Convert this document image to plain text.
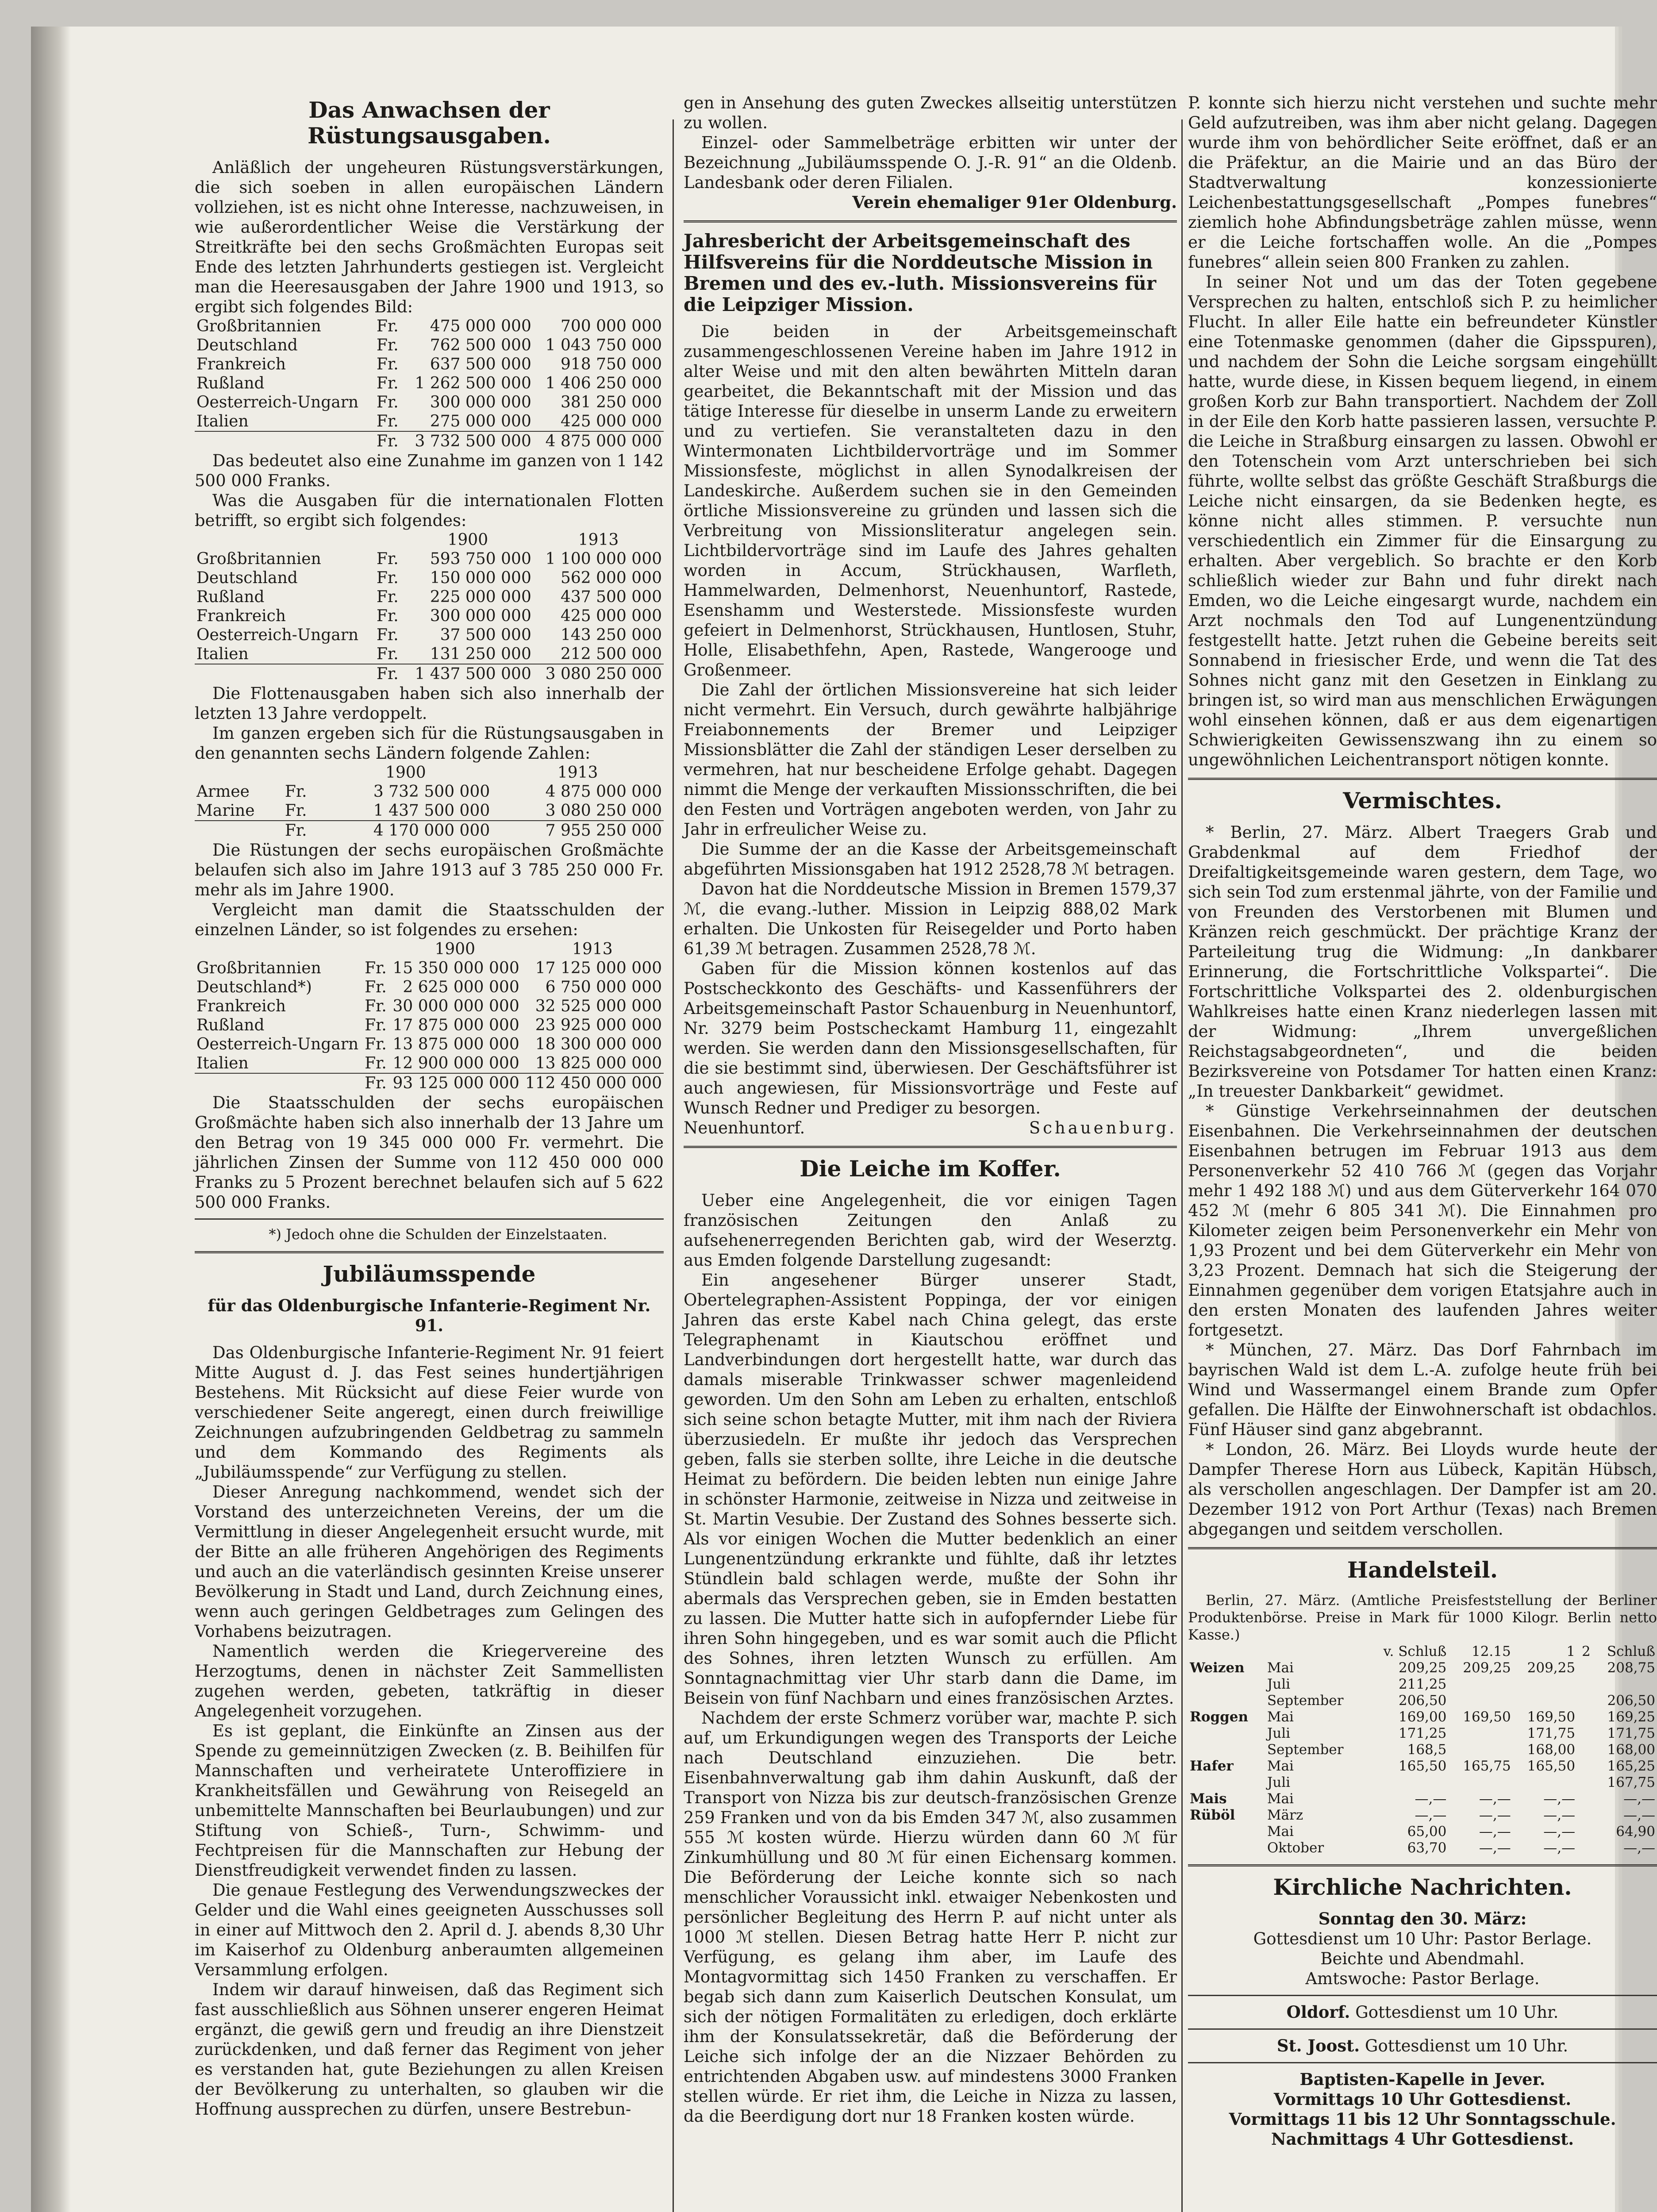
Das Anwachsen der Rüstungsausgaben.

Anläßlich der ungeheuren Rüstungsverstärkungen, die sich soeben in allen europäischen Ländern vollziehen, ist es nicht ohne Interesse, nachzuweisen, in wie außerordentlicher Weise die Verstärkung der Streitkräfte bei den sechs Großmächten Europas seit Ende des letzten Jahrhunderts gestiegen ist. Vergleicht man die Heeresausgaben der Jahre 1900 und 1913, so ergibt sich folgendes Bild:

Großbritannien	Fr.	475 000 000	700 000 000
Deutschland	Fr.	762 500 000	1 043 750 000
Frankreich	Fr.	637 500 000	918 750 000
Rußland	Fr.	1 262 500 000	1 406 250 000
Oesterreich-Ungarn	Fr.	300 000 000	381 250 000
Italien	Fr.	275 000 000	425 000 000
	Fr.	3 732 500 000	4 875 000 000

Das bedeutet also eine Zunahme im ganzen von 1 142 500 000 Franks.

Was die Ausgaben für die internationalen Flotten betrifft, so ergibt sich folgendes:

		1900	1913
Großbritannien	Fr.	593 750 000	1 100 000 000
Deutschland	Fr.	150 000 000	562 000 000
Rußland	Fr.	225 000 000	437 500 000
Frankreich	Fr.	300 000 000	425 000 000
Oesterreich-Ungarn	Fr.	37 500 000	143 250 000
Italien	Fr.	131 250 000	212 500 000
	Fr.	1 437 500 000	3 080 250 000

Die Flottenausgaben haben sich also innerhalb der letzten 13 Jahre verdoppelt.

Im ganzen ergeben sich für die Rüstungsausgaben in den genannten sechs Ländern folgende Zahlen:

		1900	1913
Armee	Fr.	3 732 500 000	4 875 000 000
Marine	Fr.	1 437 500 000	3 080 250 000
	Fr.	4 170 000 000	7 955 250 000

Die Rüstungen der sechs europäischen Großmächte belaufen sich also im Jahre 1913 auf 3 785 250 000 Fr. mehr als im Jahre 1900.

Vergleicht man damit die Staatsschulden der einzelnen Länder, so ist folgendes zu ersehen:

		1900	1913
Großbritannien	Fr.	15 350 000 000	17 125 000 000
Deutschland*)	Fr.	2 625 000 000	6 750 000 000
Frankreich	Fr.	30 000 000 000	32 525 000 000
Rußland	Fr.	17 875 000 000	23 925 000 000
Oesterreich-Ungarn	Fr.	13 875 000 000	18 300 000 000
Italien	Fr.	12 900 000 000	13 825 000 000
	Fr.	93 125 000 000	112 450 000 000

Die Staatsschulden der sechs europäischen Großmächte haben sich also innerhalb der 13 Jahre um den Betrag von 19 345 000 000 Fr. vermehrt. Die jährlichen Zinsen der Summe von 112 450 000 000 Franks zu 5 Prozent berechnet belaufen sich auf 5 622 500 000 Franks.

*) Jedoch ohne die Schulden der Einzelstaaten.

Jubiläumsspende
für das Oldenburgische Infanterie-Regiment Nr. 91.

Das Oldenburgische Infanterie-Regiment Nr. 91 feiert Mitte August d. J. das Fest seines hundertjährigen Bestehens. Mit Rücksicht auf diese Feier wurde von verschiedener Seite angeregt, einen durch freiwillige Zeichnungen aufzubringenden Geldbetrag zu sammeln und dem Kommando des Regiments als „Jubiläumsspende“ zur Verfügung zu stellen.

Dieser Anregung nachkommend, wendet sich der Vorstand des unterzeichneten Vereins, der um die Vermittlung in dieser Angelegenheit ersucht wurde, mit der Bitte an alle früheren Angehörigen des Regiments und auch an die vaterländisch gesinnten Kreise unserer Bevölkerung in Stadt und Land, durch Zeichnung eines, wenn auch geringen Geldbetrages zum Gelingen des Vorhabens beizutragen.

Namentlich werden die Kriegervereine des Herzogtums, denen in nächster Zeit Sammellisten zugehen werden, gebeten, tatkräftig in dieser Angelegenheit vorzugehen.

Es ist geplant, die Einkünfte an Zinsen aus der Spende zu gemeinnützigen Zwecken (z. B. Beihilfen für Mannschaften und verheiratete Unteroffiziere in Krankheitsfällen und Gewährung von Reisegeld an unbemittelte Mannschaften bei Beurlaubungen) und zur Stiftung von Schieß-, Turn-, Schwimm- und Fechtpreisen für die Mannschaften zur Hebung der Dienstfreudigkeit verwendet finden zu lassen.

Die genaue Festlegung des Verwendungszweckes der Gelder und die Wahl eines geeigneten Ausschusses soll in einer auf Mittwoch den 2. April d. J. abends 8,30 Uhr im Kaiserhof zu Oldenburg anberaumten allgemeinen Versammlung erfolgen.

Indem wir darauf hinweisen, daß das Regiment sich fast ausschließlich aus Söhnen unserer engeren Heimat ergänzt, die gewiß gern und freudig an ihre Dienstzeit zurückdenken, und daß ferner das Regiment von jeher es verstanden hat, gute Beziehungen zu allen Kreisen der Bevölkerung zu unterhalten, so glauben wir die Hoffnung aussprechen zu dürfen, unsere Bestrebun-

gen in Ansehung des guten Zweckes allseitig unterstützen zu wollen.

Einzel- oder Sammelbeträge erbitten wir unter der Bezeichnung „Jubiläumsspende O. J.-R. 91“ an die Oldenb. Landesbank oder deren Filialen.

Verein ehemaliger 91er Oldenburg.

Jahresbericht der Arbeitsgemeinschaft des Hilfsvereins für die Norddeutsche Mission in Bremen und des ev.-luth. Missionsvereins für die Leipziger Mission.

Die beiden in der Arbeitsgemeinschaft zusammengeschlossenen Vereine haben im Jahre 1912 in alter Weise und mit den alten bewährten Mitteln daran gearbeitet, die Bekanntschaft mit der Mission und das tätige Interesse für dieselbe in unserm Lande zu erweitern und zu vertiefen. Sie veranstalteten dazu in den Wintermonaten Lichtbildervorträge und im Sommer Missionsfeste, möglichst in allen Synodalkreisen der Landeskirche. Außerdem suchen sie in den Gemeinden örtliche Missionsvereine zu gründen und lassen sich die Verbreitung von Missionsliteratur angelegen sein. Lichtbildervorträge sind im Laufe des Jahres gehalten worden in Accum, Strückhausen, Warfleth, Hammelwarden, Delmenhorst, Neuenhuntorf, Rastede, Esenshamm und Westerstede. Missionsfeste wurden gefeiert in Delmenhorst, Strückhausen, Huntlosen, Stuhr, Holle, Elisabethfehn, Apen, Rastede, Wangerooge und Großenmeer.

Die Zahl der örtlichen Missionsvereine hat sich leider nicht vermehrt. Ein Versuch, durch gewährte halbjährige Freiabonnements der Bremer und Leipziger Missionsblätter die Zahl der ständigen Leser derselben zu vermehren, hat nur bescheidene Erfolge gehabt. Dagegen nimmt die Menge der verkauften Missionsschriften, die bei den Festen und Vorträgen angeboten werden, von Jahr zu Jahr in erfreulicher Weise zu.

Die Summe der an die Kasse der Arbeitsgemeinschaft abgeführten Missionsgaben hat 1912 2528,78 ℳ betragen.

Davon hat die Norddeutsche Mission in Bremen 1579,37 ℳ, die evang.-luther. Mission in Leipzig 888,02 Mark erhalten. Die Unkosten für Reisegelder und Porto haben 61,39 ℳ betragen. Zusammen 2528,78 ℳ.

Gaben für die Mission können kostenlos auf das Postscheckkonto des Geschäfts- und Kassenführers der Arbeitsgemeinschaft Pastor Schauenburg in Neuenhuntorf, Nr. 3279 beim Postscheckamt Hamburg 11, eingezahlt werden. Sie werden dann den Missionsgesellschaften, für die sie bestimmt sind, überwiesen. Der Geschäftsführer ist auch angewiesen, für Missionsvorträge und Feste auf Wunsch Redner und Prediger zu besorgen.

Neuenhuntorf.	Schauenburg.
Die Leiche im Koffer.

Ueber eine Angelegenheit, die vor einigen Tagen französischen Zeitungen den Anlaß zu aufsehenerregenden Berichten gab, wird der Weserztg. aus Emden folgende Darstellung zugesandt:

Ein angesehener Bürger unserer Stadt, Obertelegraphen-Assistent Poppinga, der vor einigen Jahren das erste Kabel nach China gelegt, das erste Telegraphenamt in Kiautschou eröffnet und Landverbindungen dort hergestellt hatte, war durch das damals miserable Trinkwasser schwer magenleidend geworden. Um den Sohn am Leben zu erhalten, entschloß sich seine schon betagte Mutter, mit ihm nach der Riviera überzusiedeln. Er mußte ihr jedoch das Versprechen geben, falls sie sterben sollte, ihre Leiche in die deutsche Heimat zu befördern. Die beiden lebten nun einige Jahre in schönster Harmonie, zeitweise in Nizza und zeitweise in St. Martin Vesubie. Der Zustand des Sohnes besserte sich. Als vor einigen Wochen die Mutter bedenklich an einer Lungenentzündung erkrankte und fühlte, daß ihr letztes Stündlein bald schlagen werde, mußte der Sohn ihr abermals das Versprechen geben, sie in Emden bestatten zu lassen. Die Mutter hatte sich in aufopfernder Liebe für ihren Sohn hingegeben, und es war somit auch die Pflicht des Sohnes, ihren letzten Wunsch zu erfüllen. Am Sonntagnachmittag vier Uhr starb dann die Dame, im Beisein von fünf Nachbarn und eines französischen Arztes.

Nachdem der erste Schmerz vorüber war, machte P. sich auf, um Erkundigungen wegen des Transports der Leiche nach Deutschland einzuziehen. Die betr. Eisenbahnverwaltung gab ihm dahin Auskunft, daß der Transport von Nizza bis zur deutsch-französischen Grenze 259 Franken und von da bis Emden 347 ℳ, also zusammen 555 ℳ kosten würde. Hierzu würden dann 60 ℳ für Zinkumhüllung und 80 ℳ für einen Eichensarg kommen. Die Beförderung der Leiche konnte sich so nach menschlicher Voraussicht inkl. etwaiger Nebenkosten und persönlicher Begleitung des Herrn P. auf nicht unter als 1000 ℳ stellen. Diesen Betrag hatte Herr P. nicht zur Verfügung, es gelang ihm aber, im Laufe des Montagvormittag sich 1450 Franken zu verschaffen. Er begab sich dann zum Kaiserlich Deutschen Konsulat, um sich der nötigen Formalitäten zu erledigen, doch erklärte ihm der Konsulatssekretär, daß die Beförderung der Leiche sich infolge der an die Nizzaer Behörden zu entrichtenden Abgaben usw. auf mindestens 3000 Franken stellen würde. Er riet ihm, die Leiche in Nizza zu lassen, da die Beerdigung dort nur 18 Franken kosten würde.

P. konnte sich hierzu nicht verstehen und suchte mehr Geld aufzutreiben, was ihm aber nicht gelang. Dagegen wurde ihm von behördlicher Seite eröffnet, daß er an die Präfektur, an die Mairie und an das Büro der Stadtverwaltung konzessionierte Leichenbestattungsgesellschaft „Pompes funebres“ ziemlich hohe Abfindungsbeträge zahlen müsse, wenn er die Leiche fortschaffen wolle. An die „Pompes funebres“ allein seien 800 Franken zu zahlen.

In seiner Not und um das der Toten gegebene Versprechen zu halten, entschloß sich P. zu heimlicher Flucht. In aller Eile hatte ein befreundeter Künstler eine Totenmaske genommen (daher die Gipsspuren), und nachdem der Sohn die Leiche sorgsam eingehüllt hatte, wurde diese, in Kissen bequem liegend, in einem großen Korb zur Bahn transportiert. Nachdem der Zoll in der Eile den Korb hatte passieren lassen, versuchte P. die Leiche in Straßburg einsargen zu lassen. Obwohl er den Totenschein vom Arzt unterschrieben bei sich führte, wollte selbst das größte Geschäft Straßburgs die Leiche nicht einsargen, da sie Bedenken hegte, es könne nicht alles stimmen. P. versuchte nun verschiedentlich ein Zimmer für die Einsargung zu erhalten. Aber vergeblich. So brachte er den Korb schließlich wieder zur Bahn und fuhr direkt nach Emden, wo die Leiche eingesargt wurde, nachdem ein Arzt nochmals den Tod auf Lungenentzündung festgestellt hatte. Jetzt ruhen die Gebeine bereits seit Sonnabend in friesischer Erde, und wenn die Tat des Sohnes nicht ganz mit den Gesetzen in Einklang zu bringen ist, so wird man aus menschlichen Erwägungen wohl einsehen können, daß er aus dem eigenartigen Schwierigkeiten Gewissenszwang ihn zu einem so ungewöhnlichen Leichentransport nötigen konnte.

Vermischtes.

* Berlin, 27. März. Albert Traegers Grab und Grabdenkmal auf dem Friedhof der Dreifaltigkeitsgemeinde waren gestern, dem Tage, wo sich sein Tod zum erstenmal jährte, von der Familie und von Freunden des Verstorbenen mit Blumen und Kränzen reich geschmückt. Der prächtige Kranz der Parteileitung trug die Widmung: „In dankbarer Erinnerung, die Fortschrittliche Volkspartei“. Die Fortschrittliche Volkspartei des 2. oldenburgischen Wahlkreises hatte einen Kranz niederlegen lassen mit der Widmung: „Ihrem unvergeßlichen Reichstagsabgeordneten“, und die beiden Bezirksvereine von Potsdamer Tor hatten einen Kranz: „In treuester Dankbarkeit“ gewidmet.

* Günstige Verkehrseinnahmen der deutschen Eisenbahnen. Die Verkehrseinnahmen der deutschen Eisenbahnen betrugen im Februar 1913 aus dem Personenverkehr 52 410 766 ℳ (gegen das Vorjahr mehr 1 492 188 ℳ) und aus dem Güterverkehr 164 070 452 ℳ (mehr 6 805 341 ℳ). Die Einnahmen pro Kilometer zeigen beim Personenverkehr ein Mehr von 1,93 Prozent und bei dem Güterverkehr ein Mehr von 3,23 Prozent. Demnach hat sich die Steigerung der Einnahmen gegenüber dem vorigen Etatsjahre auch in den ersten Monaten des laufenden Jahres weiter fortgesetzt.

* München, 27. März. Das Dorf Fahrnbach im bayrischen Wald ist dem L.-A. zufolge heute früh bei Wind und Wassermangel einem Brande zum Opfer gefallen. Die Hälfte der Einwohnerschaft ist obdachlos. Fünf Häuser sind ganz abgebrannt.

* London, 26. März. Bei Lloyds wurde heute der Dampfer Therese Horn aus Lübeck, Kapitän Hübsch, als verschollen angeschlagen. Der Dampfer ist am 20. Dezember 1912 von Port Arthur (Texas) nach Bremen abgegangen und seitdem verschollen.

Handelsteil.

Berlin, 27. März. (Amtliche Preisfeststellung der Berliner Produktenbörse. Preise in Mark für 1000 Kilogr. Berlin netto Kasse.)

		v. Schluß	12.15	1	2	Schluß
Weizen	Mai	209,25	209,25	209,25		208,75
	Juli	211,25				
	September	206,50				206,50
Roggen	Mai	169,00	169,50	169,50		169,25
	Juli	171,25		171,75		171,75
	September	168,5		168,00		168,00
Hafer	Mai	165,50	165,75	165,50		165,25
	Juli					167,75
Mais	Mai	—,—	—,—	—,—		—,—
Rüböl	März	—,—	—,—	—,—		—,—
	Mai	65,00	—,—	—,—		64,90
	Oktober	63,70	—,—	—,—		—,—
Kirchliche Nachrichten.
Sonntag den 30. März:
Gottesdienst um 10 Uhr: Pastor Berlage.
Beichte und Abendmahl.
Amtswoche: Pastor Berlage.
Oldorf. Gottesdienst um 10 Uhr.
St. Joost. Gottesdienst um 10 Uhr.
Baptisten-Kapelle in Jever.
Vormittags 10 Uhr Gottesdienst.
Vormittags 11 bis 12 Uhr Sonntagsschule.
Nachmittags 4 Uhr Gottesdienst.
